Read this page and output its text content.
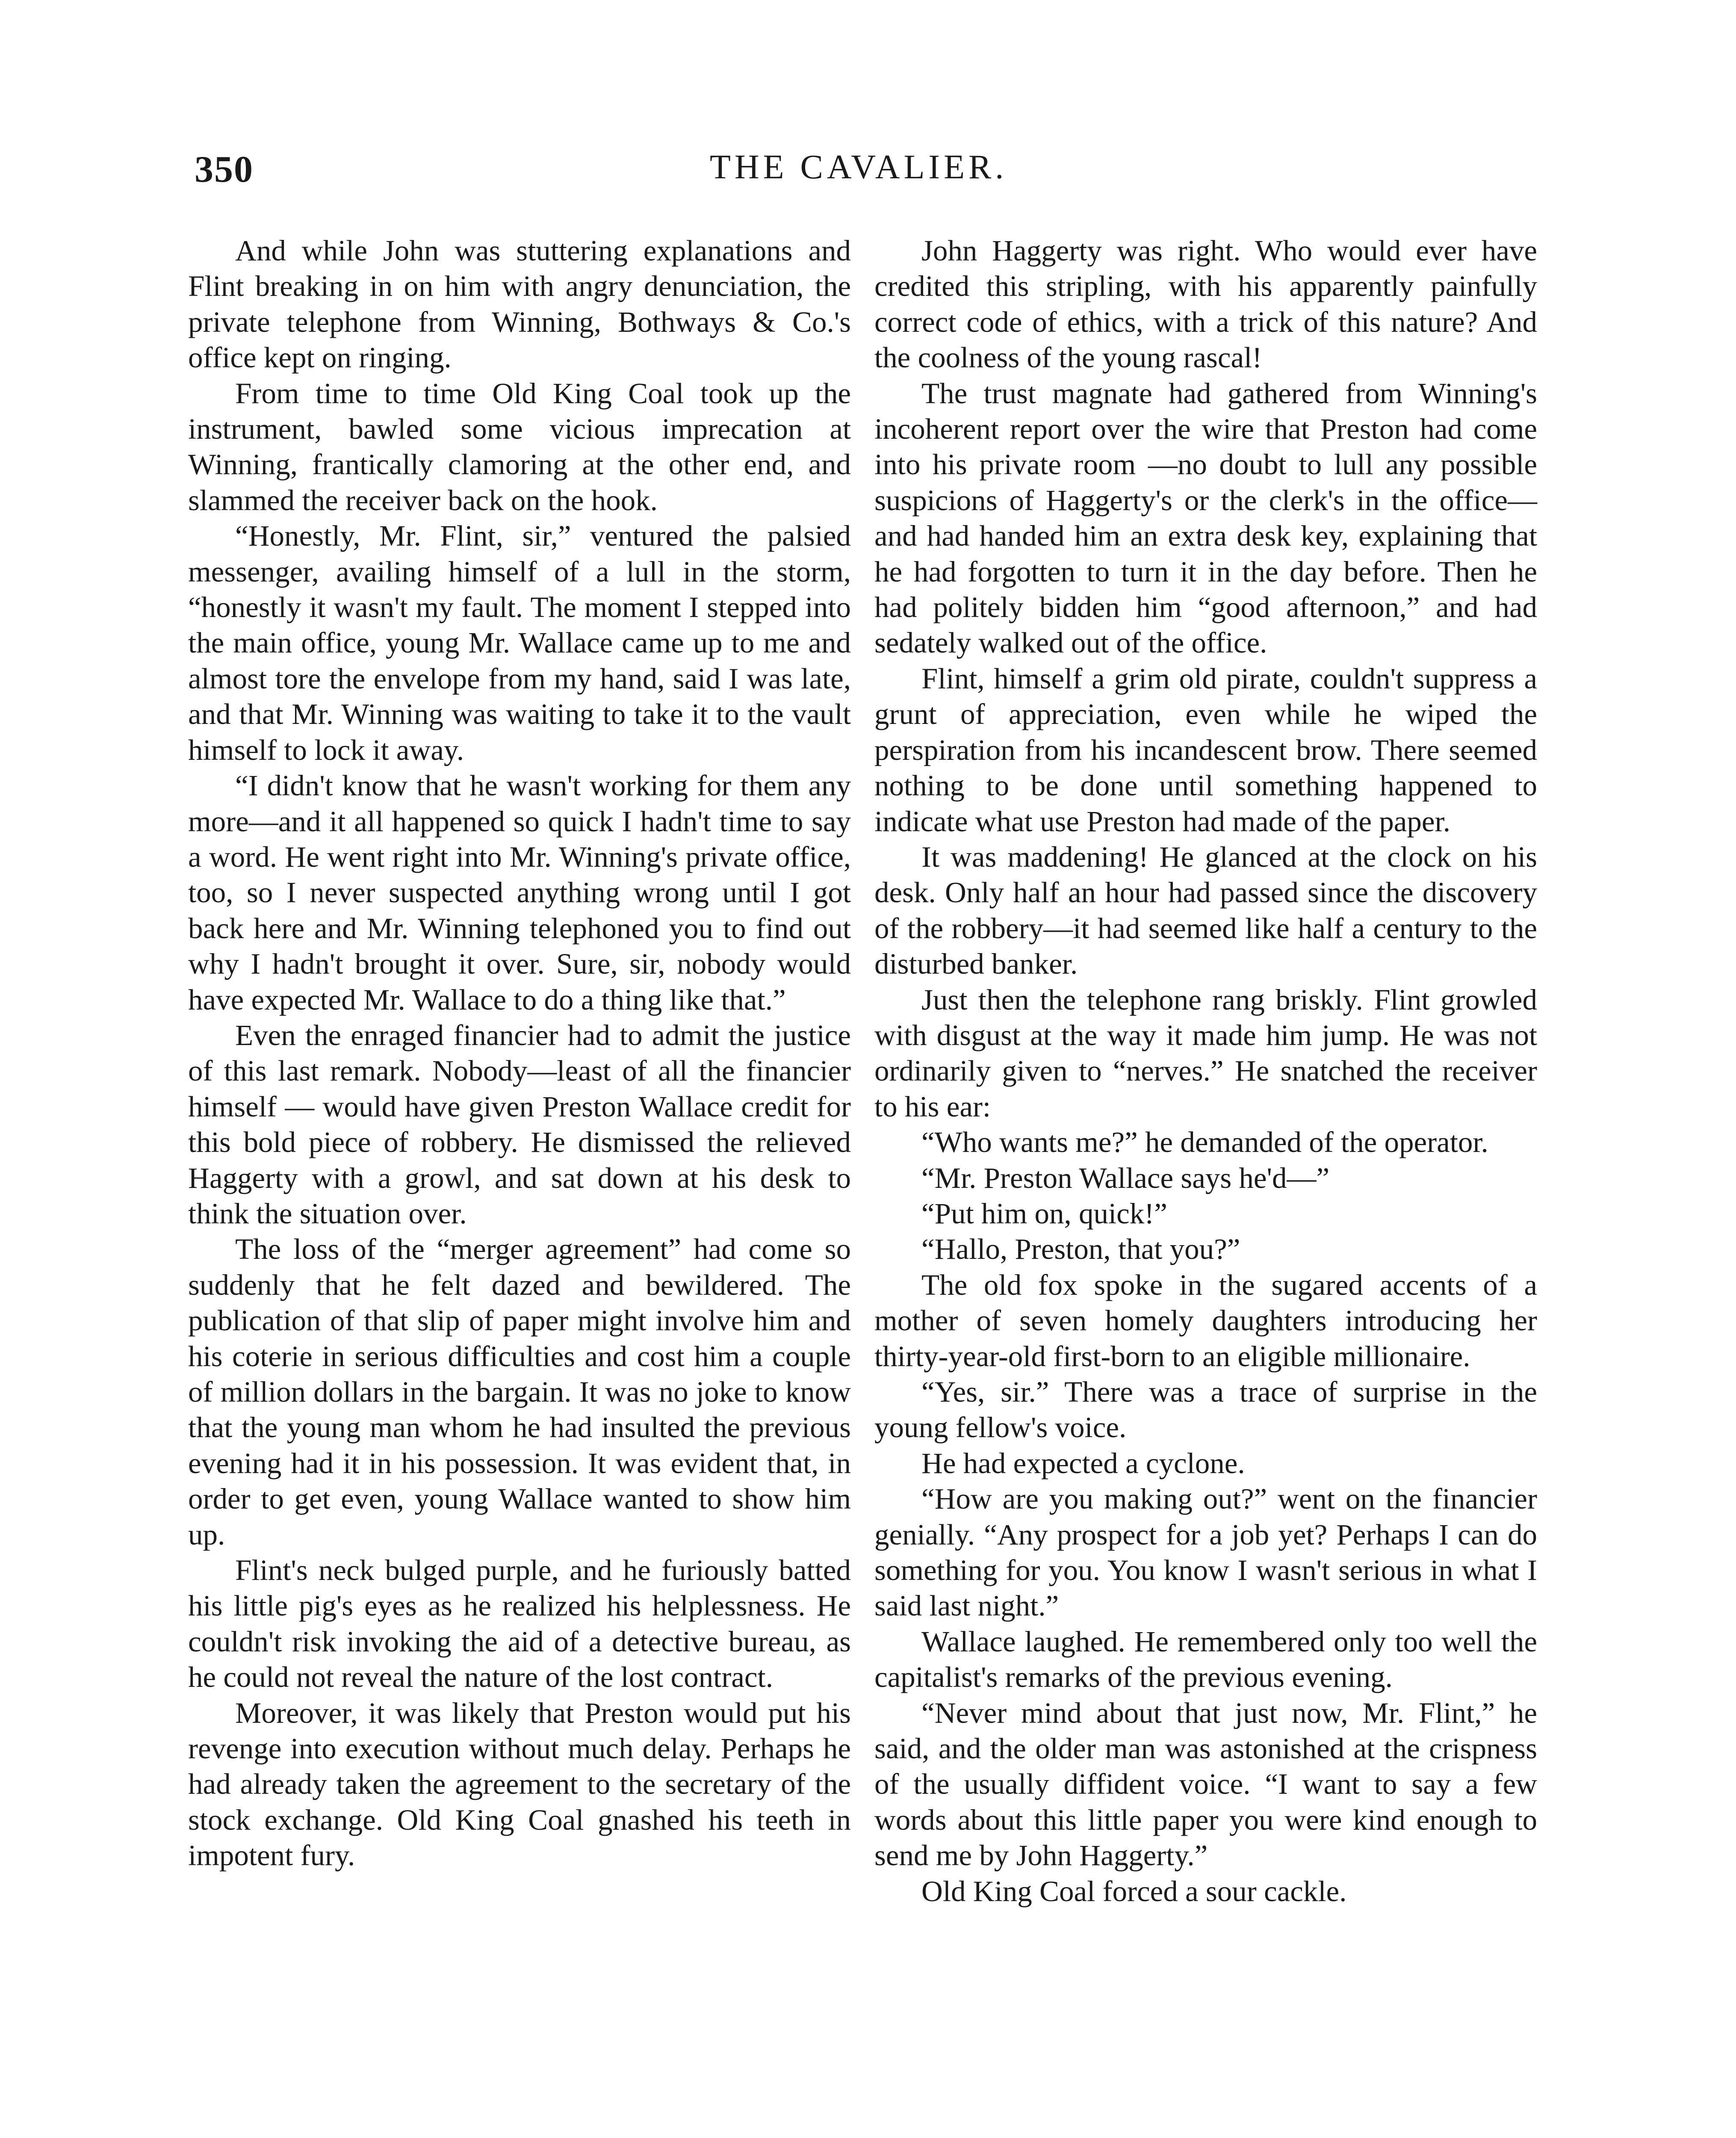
350	THE CAVALIER.

And while John was stuttering explanations and Flint breaking in on him with angry denunciation, the private telephone from Winning, Bothways & Co.'s office kept on ringing.

From time to time Old King Coal took up the instrument, bawled some vicious imprecation at Winning, frantically clamoring at the other end, and slammed the receiver back on the hook.

“Honestly, Mr. Flint, sir,” ventured the palsied messenger, availing himself of a lull in the storm, “honestly it wasn't my fault. The moment I stepped into the main office, young Mr. Wallace came up to me and almost tore the envelope from my hand, said I was late, and that Mr. Winning was waiting to take it to the vault himself to lock it away.

“I didn't know that he wasn't working for them any more—and it all happened so quick I hadn't time to say a word. He went right into Mr. Winning's private office, too, so I never suspected anything wrong until I got back here and Mr. Winning telephoned you to find out why I hadn't brought it over. Sure, sir, nobody would have expected Mr. Wallace to do a thing like that.”

Even the enraged financier had to admit the justice of this last remark. Nobody—least of all the financier himself — would have given Preston Wallace credit for this bold piece of robbery. He dismissed the relieved Haggerty with a growl, and sat down at his desk to think the situation over.

The loss of the “merger agreement” had come so suddenly that he felt dazed and bewildered. The publication of that slip of paper might involve him and his coterie in serious difficulties and cost him a couple of million dollars in the bargain. It was no joke to know that the young man whom he had insulted the previous evening had it in his possession. It was evident that, in order to get even, young Wallace wanted to show him up.

Flint's neck bulged purple, and he furiously batted his little pig's eyes as he realized his helplessness. He couldn't risk invoking the aid of a detective bureau, as he could not reveal the nature of the lost contract.

Moreover, it was likely that Preston would put his revenge into execution without much delay. Perhaps he had already taken the agreement to the secretary of the stock exchange. Old King Coal gnashed his teeth in impotent fury.

John Haggerty was right. Who would ever have credited this stripling, with his apparently painfully correct code of ethics, with a trick of this nature? And the coolness of the young rascal!

The trust magnate had gathered from Winning's incoherent report over the wire that Preston had come into his private room —no doubt to lull any possible suspicions of Haggerty's or the clerk's in the office—and had handed him an extra desk key, explaining that he had forgotten to turn it in the day before. Then he had politely bidden him “good afternoon,” and had sedately walked out of the office.

Flint, himself a grim old pirate, couldn't suppress a grunt of appreciation, even while he wiped the perspiration from his incandescent brow. There seemed nothing to be done until something happened to indicate what use Preston had made of the paper.

It was maddening! He glanced at the clock on his desk. Only half an hour had passed since the discovery of the robbery—it had seemed like half a century to the disturbed banker.

Just then the telephone rang briskly. Flint growled with disgust at the way it made him jump. He was not ordinarily given to “nerves.” He snatched the receiver to his ear:

“Who wants me?” he demanded of the operator.

“Mr. Preston Wallace says he'd—”

“Put him on, quick!”

“Hallo, Preston, that you?”

The old fox spoke in the sugared accents of a mother of seven homely daughters introducing her thirty-year-old first-born to an eligible millionaire.

“Yes, sir.” There was a trace of surprise in the young fellow's voice.

He had expected a cyclone.

“How are you making out?” went on the financier genially. “Any prospect for a job yet? Perhaps I can do something for you. You know I wasn't serious in what I said last night.”

Wallace laughed. He remembered only too well the capitalist's remarks of the previous evening.

“Never mind about that just now, Mr. Flint,” he said, and the older man was astonished at the crispness of the usually diffident voice. “I want to say a few words about this little paper you were kind enough to send me by John Haggerty.”

Old King Coal forced a sour cackle.
